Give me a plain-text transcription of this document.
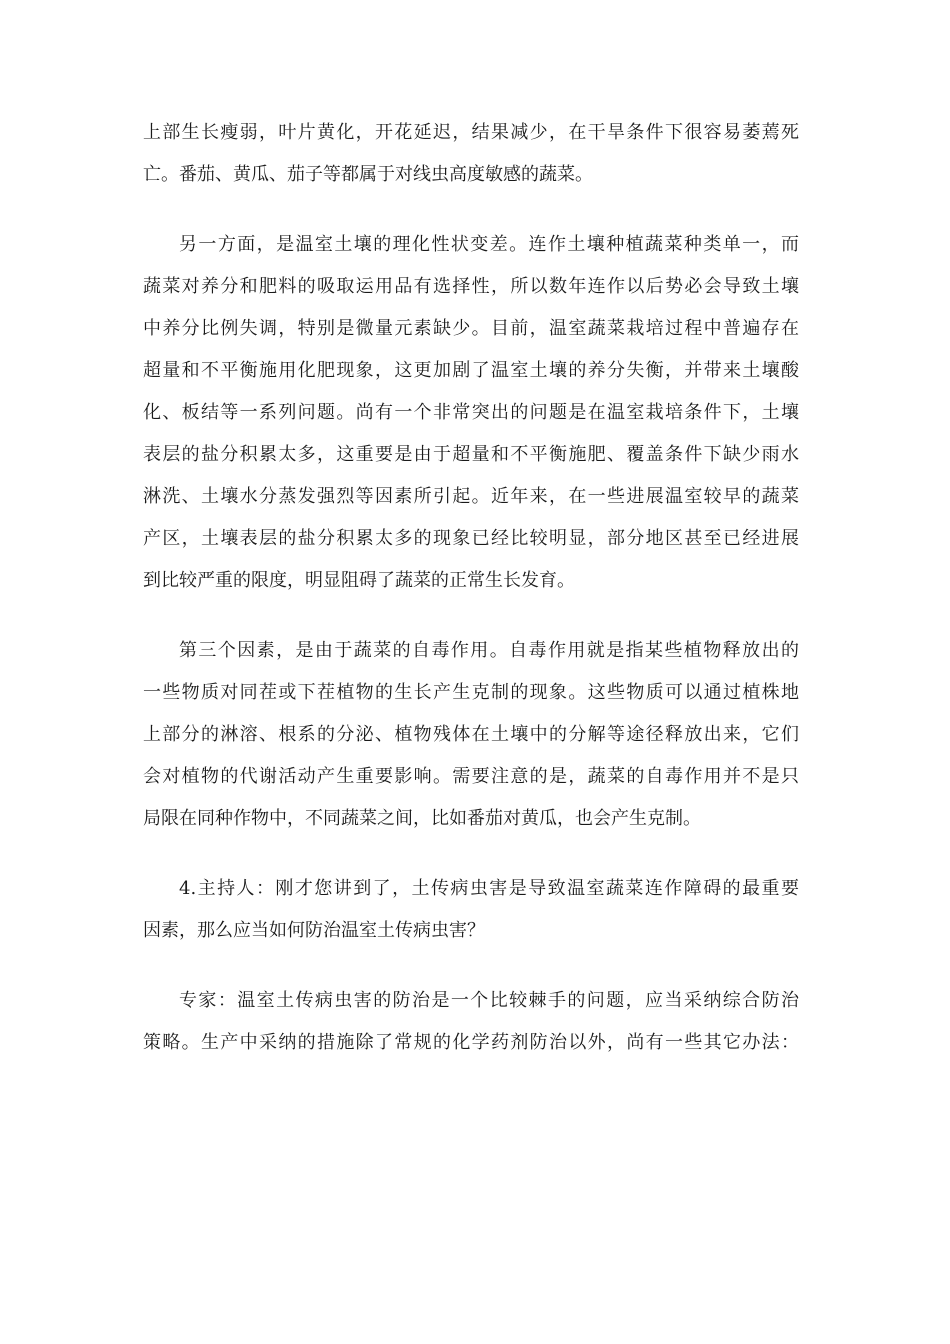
上部生长瘦弱，叶片黄化，开花延迟，结果减少，在干旱条件下很容易萎蔫死
亡。番茄、黄瓜、茄子等都属于对线虫高度敏感的蔬菜。
另一方面，是温室土壤的理化性状变差。连作土壤种植蔬菜种类单一，而
蔬菜对养分和肥料的吸取运用品有选择性，所以数年连作以后势必会导致土壤
中养分比例失调，特别是微量元素缺少。目前，温室蔬菜栽培过程中普遍存在
超量和不平衡施用化肥现象，这更加剧了温室土壤的养分失衡，并带来土壤酸
化、板结等一系列问题。尚有一个非常突出的问题是在温室栽培条件下，土壤
表层的盐分积累太多，这重要是由于超量和不平衡施肥、覆盖条件下缺少雨水
淋洗、土壤水分蒸发强烈等因素所引起。近年来，在一些进展温室较早的蔬菜
产区，土壤表层的盐分积累太多的现象已经比较明显，部分地区甚至已经进展
到比较严重的限度，明显阻碍了蔬菜的正常生长发育。
第三个因素，是由于蔬菜的自毒作用。自毒作用就是指某些植物释放出的
一些物质对同茬或下茬植物的生长产生克制的现象。这些物质可以通过植株地
上部分的淋溶、根系的分泌、植物残体在土壤中的分解等途径释放出来，它们
会对植物的代谢活动产生重要影响。需要注意的是，蔬菜的自毒作用并不是只
局限在同种作物中，不同蔬菜之间，比如番茄对黄瓜，也会产生克制。
4.主持人：刚才您讲到了，土传病虫害是导致温室蔬菜连作障碍的最重要
因素，那么应当如何防治温室土传病虫害？
专家：温室土传病虫害的防治是一个比较棘手的问题，应当采纳综合防治
策略。生产中采纳的措施除了常规的化学药剂防治以外，尚有一些其它办法：
